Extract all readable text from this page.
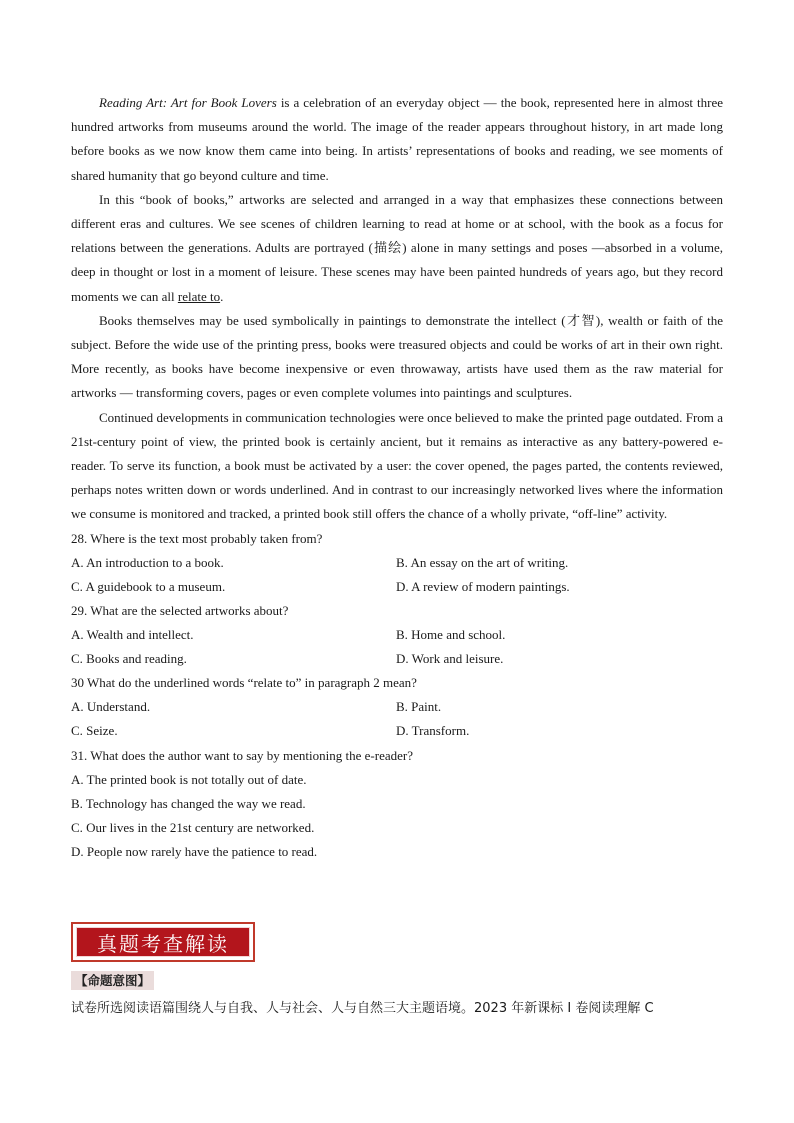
Reading Art: Art for Book Lovers is a celebration of an everyday object — the book, represented here in almost three hundred artworks from museums around the world. The image of the reader appears throughout history, in art made long before books as we now know them came into being. In artists’ representations of books and reading, we see moments of shared humanity that go beyond culture and time.

In this “book of books,” artworks are selected and arranged in a way that emphasizes these connections between different eras and cultures. We see scenes of children learning to read at home or at school, with the book as a focus for relations between the generations. Adults are portrayed (描绘) alone in many settings and poses —absorbed in a volume, deep in thought or lost in a moment of leisure. These scenes may have been painted hundreds of years ago, but they record moments we can all relate to.

Books themselves may be used symbolically in paintings to demonstrate the intellect (才智), wealth or faith of the subject. Before the wide use of the printing press, books were treasured objects and could be works of art in their own right. More recently, as books have become inexpensive or even throwaway, artists have used them as the raw material for artworks — transforming covers, pages or even complete volumes into paintings and sculptures.

Continued developments in communication technologies were once believed to make the printed page outdated. From a 21st-century point of view, the printed book is certainly ancient, but it remains as interactive as any battery-powered e-reader. To serve its function, a book must be activated by a user: the cover opened, the pages parted, the contents reviewed, perhaps notes written down or words underlined. And in contrast to our increasingly networked lives where the information we consume is monitored and tracked, a printed book still offers the chance of a wholly private, “off-line” activity.

28. Where is the text most probably taken from?

A. An introduction to a book.	B. An essay on the art of writing.
C. A guidebook to a museum.	D. A review of modern paintings.

29. What are the selected artworks about?

A. Wealth and intellect.	B. Home and school.
C. Books and reading.	D. Work and leisure.

30 What do the underlined words “relate to” in paragraph 2 mean?

A. Understand.	B. Paint.
C. Seize.	D. Transform.

31. What does the author want to say by mentioning the e-reader?

A. The printed book is not totally out of date.
B. Technology has changed the way we read.
C. Our lives in the 21st century are networked.
D. People now rarely have the patience to read.
真题考查解读
【命题意图】
试卷所选阅读语篇围绕人与自我、人与社会、人与自然三大主题语境。2023 年新课标 I 卷阅读理解 C
